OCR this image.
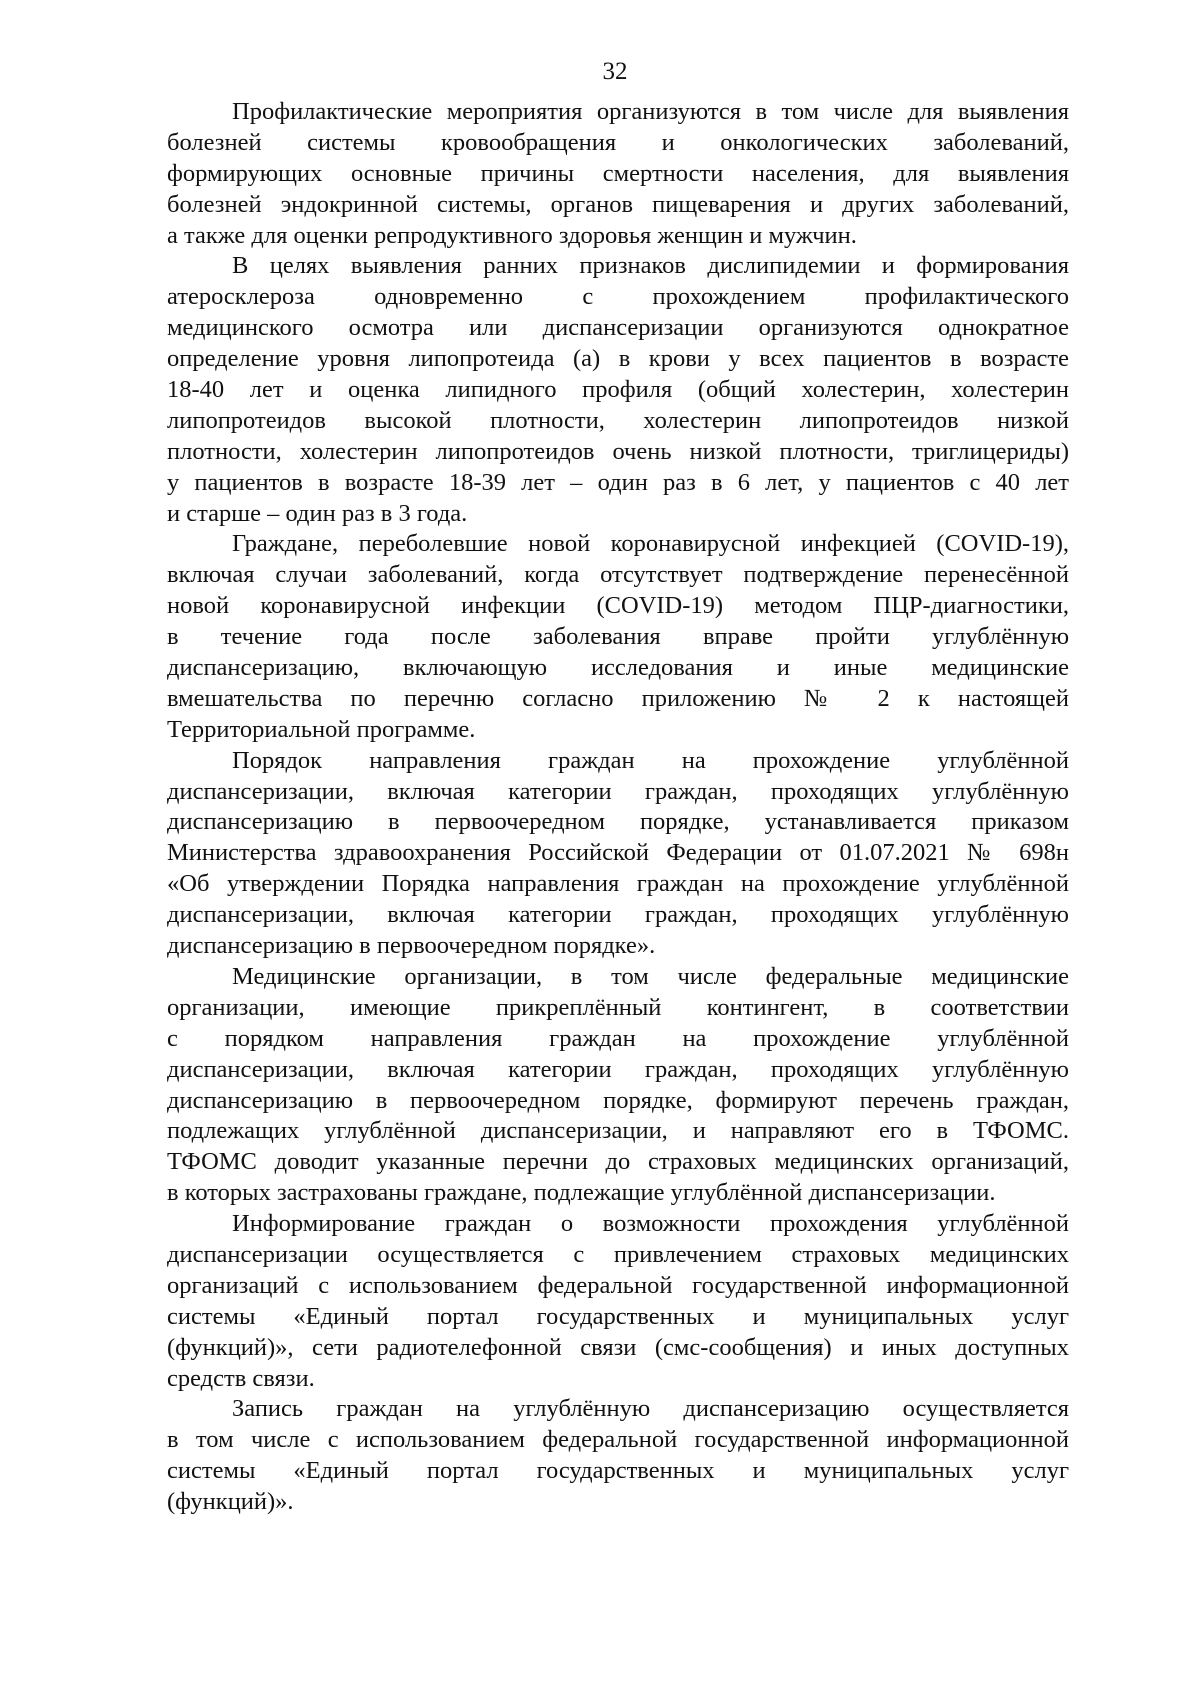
32
Профилактические мероприятия организуются в том числе для выявления
болезней системы кровообращения и онкологических заболеваний,
формирующих основные причины смертности населения, для выявления
болезней эндокринной системы, органов пищеварения и других заболеваний,
а также для оценки репродуктивного здоровья женщин и мужчин.
В целях выявления ранних признаков дислипидемии и формирования
атеросклероза одновременно с прохождением профилактического
медицинского осмотра или диспансеризации организуются однократное
определение уровня липопротеида (а) в крови у всех пациентов в возрасте
18-40 лет и оценка липидного профиля (общий холестерин, холестерин
липопротеидов высокой плотности, холестерин липопротеидов низкой
плотности, холестерин липопротеидов очень низкой плотности, триглицериды)
у пациентов в возрасте 18-39 лет – один раз в 6 лет, у пациентов с 40 лет
и старше – один раз в 3 года.
Граждане, переболевшие новой коронавирусной инфекцией (COVID-19),
включая случаи заболеваний, когда отсутствует подтверждение перенесённой
новой коронавирусной инфекции (COVID-19) методом ПЦР-диагностики,
в течение года после заболевания вправе пройти углублённую
диспансеризацию, включающую исследования и иные медицинские
вмешательства по перечню согласно приложению № 2 к настоящей
Территориальной программе.
Порядок направления граждан на прохождение углублённой
диспансеризации, включая категории граждан, проходящих углублённую
диспансеризацию в первоочередном порядке, устанавливается приказом
Министерства здравоохранения Российской Федерации от 01.07.2021 № 698н
«Об утверждении Порядка направления граждан на прохождение углублённой
диспансеризации, включая категории граждан, проходящих углублённую
диспансеризацию в первоочередном порядке».
Медицинские организации, в том числе федеральные медицинские
организации, имеющие прикреплённый контингент, в соответствии
с порядком направления граждан на прохождение углублённой
диспансеризации, включая категории граждан, проходящих углублённую
диспансеризацию в первоочередном порядке, формируют перечень граждан,
подлежащих углублённой диспансеризации, и направляют его в ТФОМС.
ТФОМС доводит указанные перечни до страховых медицинских организаций,
в которых застрахованы граждане, подлежащие углублённой диспансеризации.
Информирование граждан о возможности прохождения углублённой
диспансеризации осуществляется с привлечением страховых медицинских
организаций с использованием федеральной государственной информационной
системы «Единый портал государственных и муниципальных услуг
(функций)», сети радиотелефонной связи (смс-сообщения) и иных доступных
средств связи.
Запись граждан на углублённую диспансеризацию осуществляется
в том числе с использованием федеральной государственной информационной
системы «Единый портал государственных и муниципальных услуг
(функций)».
